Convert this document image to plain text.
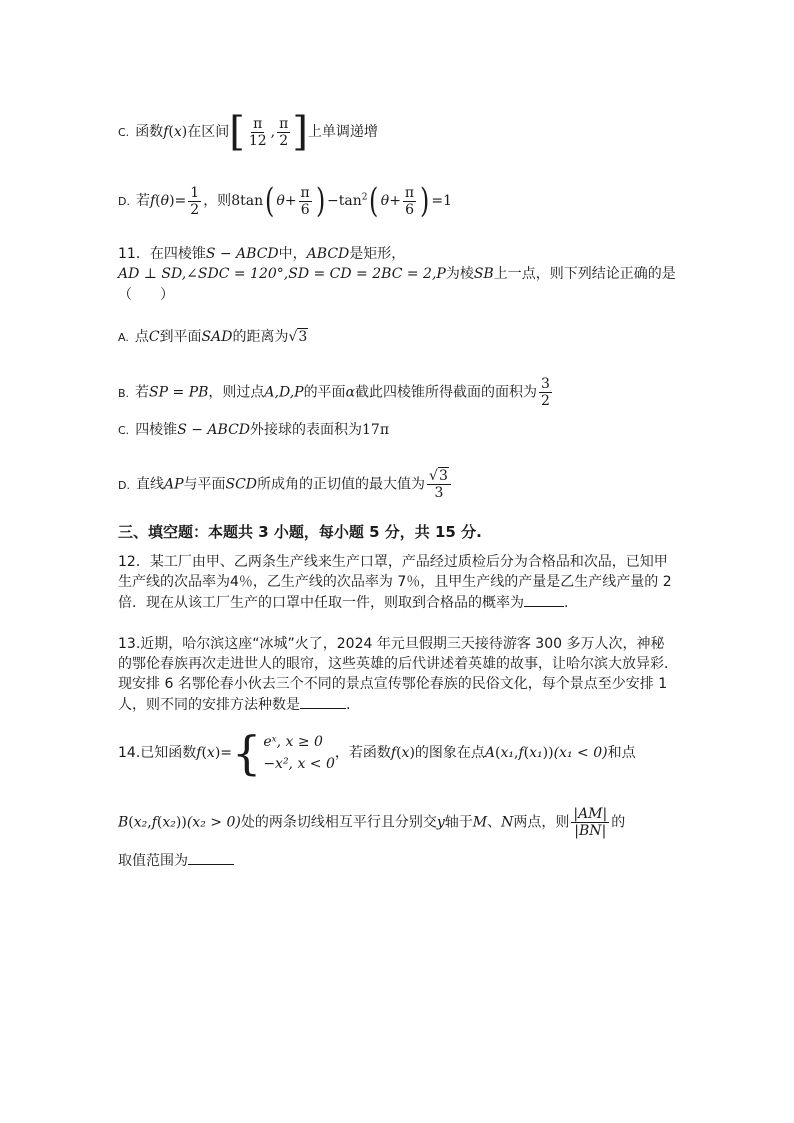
C. 函数f(x)在区间[ $\frac{\pi}{12}$ , $\frac{\pi}{2}$ ]上单调递增
D. 若$f(\theta)= \frac{1}{2}$ ，则8tan( $\theta+ \frac{\pi}{6}$ ) $-\tan^2$( $\theta+ \frac{\pi}{6}$ ) =1
11．在四棱锥S − ABCD中，ABCD是矩形，
AD ⊥ SD,∠SDC = 120°,SD = CD = 2BC = 2,P为棱SB上一点，则下列结论正确的是
（　　）
A. 点C到平面SAD的距离为√3
B. 若SP = PB，则过点A,D,P的平面α截此四棱锥所得截面的面积为 $\frac{3}{2}$
C. 四棱锥S − ABCD外接球的表面积为17π
D. 直线AP与平面SCD所成角的正切值的最大值为 $\frac{√3}{3}$
三、填空题：本题共 3 小题，每小题 5 分，共 15 分.
12．某工厂由甲、乙两条生产线来生产口罩，产品经过质检后分为合格品和次品，已知甲生产线的次品率为4％，乙生产线的次品率为 7％，且甲生产线的产量是乙生产线产量的 2 倍．现在从该工厂生产的口罩中任取一件，则取到合格品的概率为	.
13.近期，哈尔滨这座“冰城”火了，2024 年元旦假期三天接待游客 300 多万人次，神秘的鄂伦春族再次走进世人的眼帘，这些英雄的后代讲述着英雄的故事，让哈尔滨大放异彩．现安排 6 名鄂伦春小伙去三个不同的景点宣传鄂伦春族的民俗文化，每个景点至少安排 1 人，则不同的安排方法种数是	.
14.已知函数f(x)= { eˣ, x ≥ 0
−x², x < 0
，若函数f(x)的图象在点A(x₁,f(x₁))(x₁ < 0)和点
B(x₂,f(x₂))(x₂ > 0)处的两条切线相互平行且分别交y轴于M、N两点，则 $\frac{|AM|}{|BN|}$ 的
取值范围为
